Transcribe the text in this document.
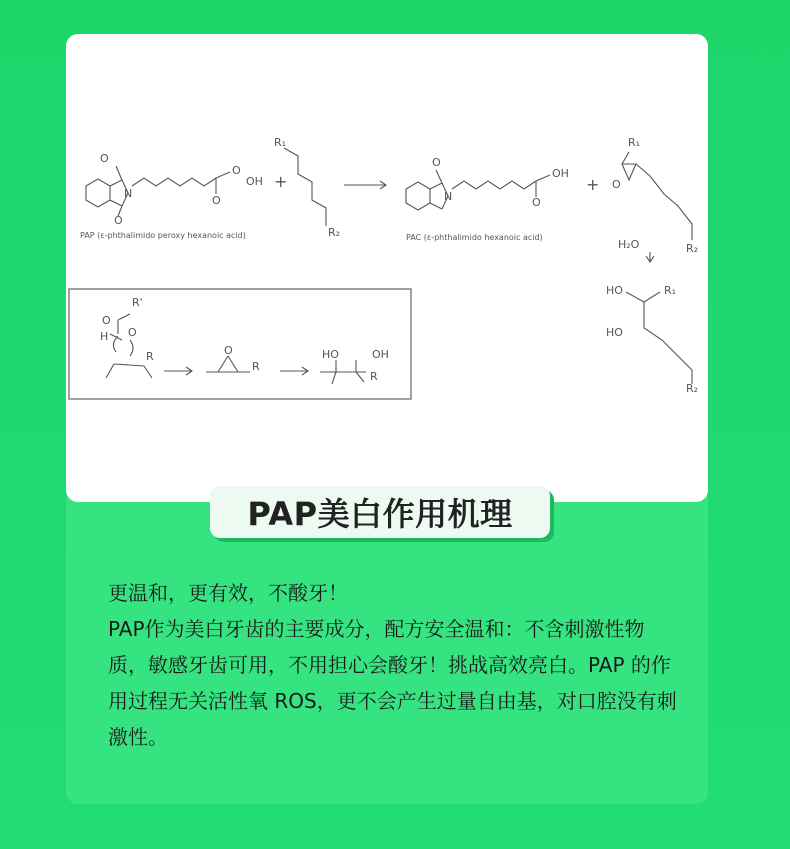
O
O
N
O
O
OH +
R₁
R₂
O
N	O
OH
+
R₁
O
R₂
H₂O
HO	R₁
HO
R₂
R'
O
H O
R	O
R
HO	OH
R
PAP (ε-phthalimido peroxy hexanoic acid)	PAC (ε-phthalimido hexanoic acid)
PAP美白作用机理

更温和，更有效，不酸牙！

PAP作为美白牙齿的主要成分，配方安全温和：不含刺激性物质，敏感牙齿可用，不用担心会酸牙！挑战高效亮白。PAP 的作用过程无关活性氧 ROS，更不会产生过量自由基，对口腔没有刺激性。
